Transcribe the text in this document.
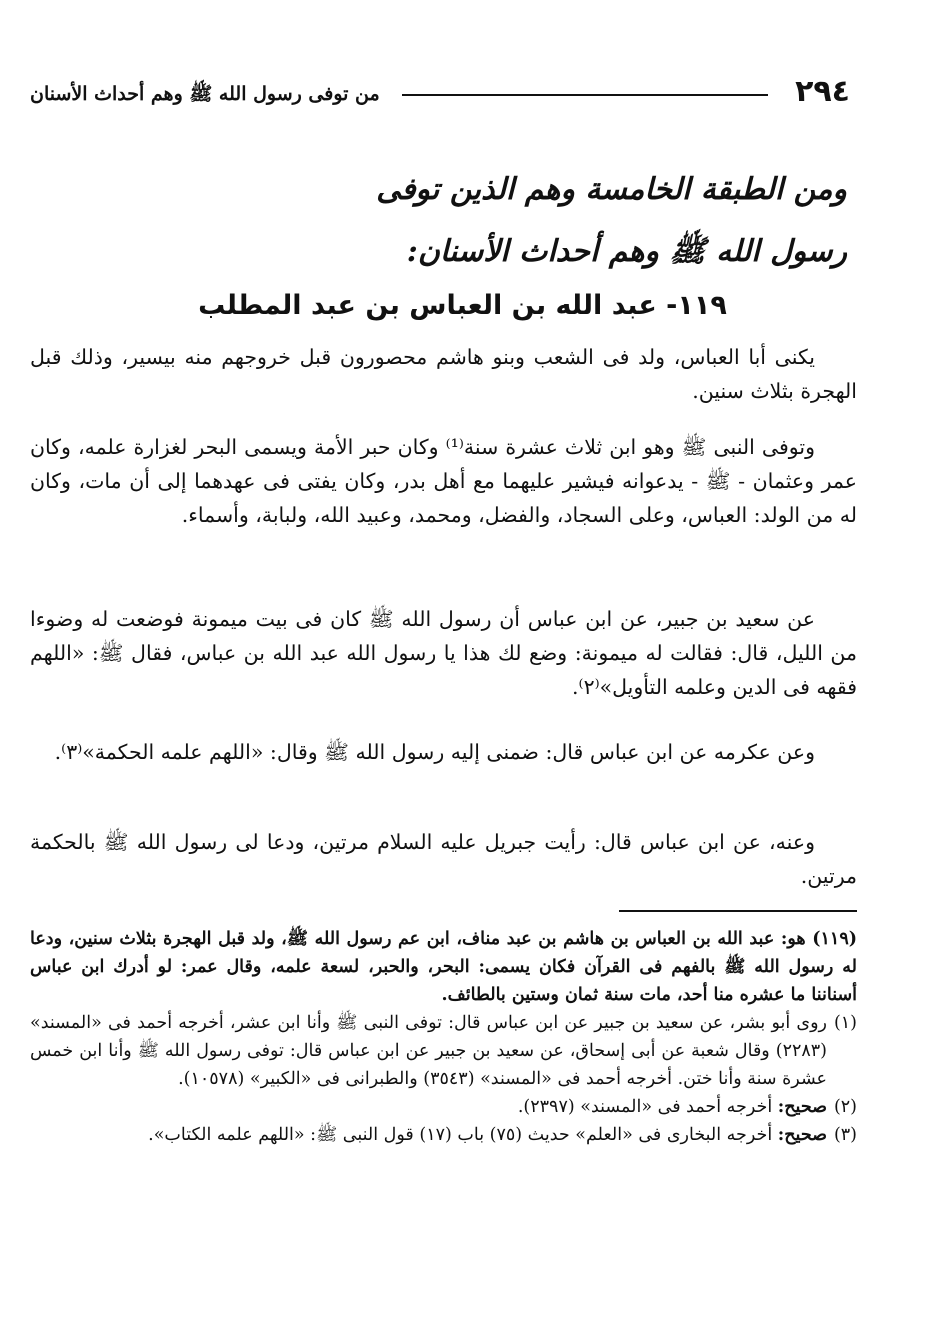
٢٩٤
من توفى رسول الله ﷺ وهم أحداث الأسنان
ومن الطبقة الخامسة وهم الذين توفى
رسول الله ﷺ وهم أحداث الأسنان:
١١٩- عبد الله بن العباس بن عبد المطلب

يكنى أبا العباس، ولد فى الشعب وبنو هاشم محصورون قبل خروجهم منه بيسير، وذلك قبل الهجرة بثلاث سنين.

وتوفى النبى ﷺ وهو ابن ثلاث عشرة سنة⁽¹⁾ وكان حبر الأمة ويسمى البحر لغزارة علمه، وكان عمر وعثمان - ﷺ - يدعوانه فيشير عليهما مع أهل بدر، وكان يفتى فى عهدهما إلى أن مات، وكان له من الولد: العباس، وعلى السجاد، والفضل، ومحمد، وعبيد الله، ولبابة، وأسماء.

عن سعيد بن جبير، عن ابن عباس أن رسول الله ﷺ كان فى بيت ميمونة فوضعت له وضوءا من الليل، قال: فقالت له ميمونة: وضع لك هذا يا رسول الله عبد الله بن عباس، فقال ﷺ: «اللهم فقهه فى الدين وعلمه التأويل»⁽٢⁾.

وعن عكرمه عن ابن عباس قال: ضمنى إليه رسول الله ﷺ وقال: «اللهم علمه الحكمة»⁽٣⁾.

وعنه، عن ابن عباس قال: رأيت جبريل عليه السلام مرتين، ودعا لى رسول الله ﷺ بالحكمة مرتين.

(١١٩) هو: عبد الله بن العباس بن هاشم بن عبد مناف، ابن عم رسول الله ﷺ، ولد قبل الهجرة بثلاث سنين، ودعا له رسول الله ﷺ بالفهم فى القرآن فكان يسمى: البحر، والحبر، لسعة علمه، وقال عمر: لو أدرك ابن عباس أسناننا ما عشره منا أحد، مات سنة ثمان وستين بالطائف.

(١)روى أبو بشر، عن سعيد بن جبير عن ابن عباس قال: توفى النبى ﷺ وأنا ابن عشر، أخرجه أحمد فى «المسند» (٢٢٨٣) وقال شعبة عن أبى إسحاق، عن سعيد بن جبير عن ابن عباس قال: توفى رسول الله ﷺ وأنا ابن خمس عشرة سنة وأنا ختن. أخرجه أحمد فى «المسند» (٣٥٤٣) والطبرانى فى «الكبير» (١٠٥٧٨).

(٢)صحيح: أخرجه أحمد فى «المسند» (٢٣٩٧).

(٣)صحيح: أخرجه البخارى فى «العلم» حديث (٧٥) باب (١٧) قول النبى ﷺ: «اللهم علمه الكتاب».
